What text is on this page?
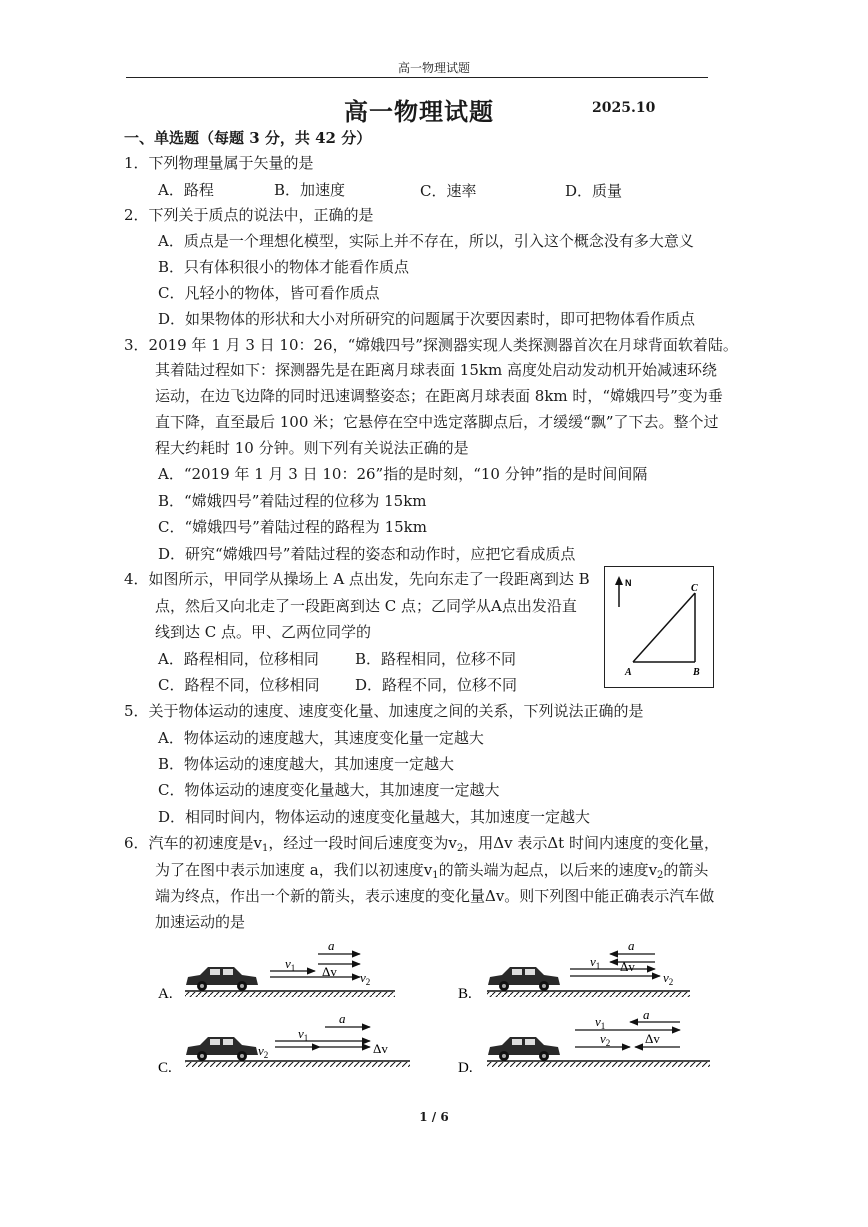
高一物理试题
高一物理试题	2025.10
一、单选题（每题 3 分，共 42 分）
1．下列物理量属于矢量的是
A．路程	B．加速度	C．速率	D．质量
2．下列关于质点的说法中，正确的是
A．质点是一个理想化模型，实际上并不存在，所以，引入这个概念没有多大意义
B．只有体积很小的物体才能看作质点
C．凡轻小的物体，皆可看作质点
D．如果物体的形状和大小对所研究的问题属于次要因素时，即可把物体看作质点
3．2019 年 1 月 3 日 10：26，“嫦娥四号”探测器实现人类探测器首次在月球背面软着陆。
其着陆过程如下：探测器先是在距离月球表面 15km 高度处启动发动机开始减速环绕
运动，在边飞边降的同时迅速调整姿态；在距离月球表面 8km 时，“嫦娥四号”变为垂
直下降，直至最后 100 米；它悬停在空中选定落脚点后，才缓缓“飘”了下去。整个过
程大约耗时 10 分钟。则下列有关说法正确的是
A．“2019 年 1 月 3 日 10：26”指的是时刻，“10 分钟”指的是时间间隔
B．“嫦娥四号”着陆过程的位移为 15km
C．“嫦娥四号”着陆过程的路程为 15km
D．研究“嫦娥四号”着陆过程的姿态和动作时，应把它看成质点
4．如图所示，甲同学从操场上 A 点出发，先向东走了一段距离到达 B
点，然后又向北走了一段距离到达 C 点；乙同学从A点出发沿直
线到达 C 点。甲、乙两位同学的
A．路程相同，位移相同 B．路程相同，位移不同
C．路程不同，位移相同 D．路程不同，位移不同
N
A	B
C
5．关于物体运动的速度、速度变化量、加速度之间的关系，下列说法正确的是
A．物体运动的速度越大，其速度变化量一定越大
B．物体运动的速度越大，其加速度一定越大
C．物体运动的速度变化量越大，其加速度一定越大
D．相同时间内，物体运动的速度变化量越大，其加速度一定越大
6．汽车的初速度是$v_1$，经过一段时间后速度变为$v_2$，用Δv 表示Δt 时间内速度的变化量，
为了在图中表示加速度 a，我们以初速度$v_1$的箭头端为起点，以后来的速度$v_2$的箭头
端为终点，作出一个新的箭头，表示速度的变化量Δv。则下列图中能正确表示汽车做
加速运动的是
A.
$v_1$
a
Δv $v_2$
B.
$v_1$
a
Δv
$v_2$
C.
$v_1$
a
$v_2$	Δv
D.
$v_1$
a
$v_2$	Δv
1 / 6
